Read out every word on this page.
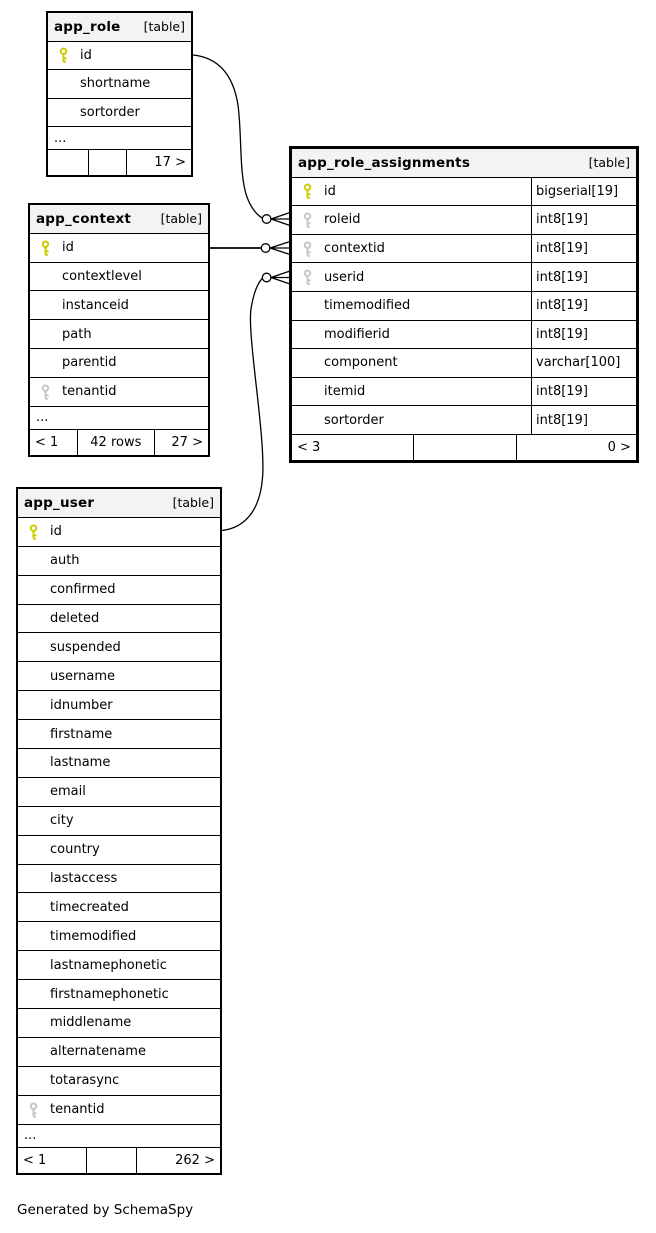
app_role [table]
id
shortname
sortorder
...
17 >
app_context [table]
id
contextlevel
instanceid
path
parentid
tenantid
...
< 1	42 rows	27 >
app_role_assignments	[table]
id	bigserial[19]
roleid	int8[19]
contextid	int8[19]
userid	int8[19]
timemodified	int8[19]
modifierid	int8[19]
component	varchar[100]
itemid	int8[19]
sortorder	int8[19]
< 3	0 >
app_user	[table]
id
auth
confirmed
deleted
suspended
username
idnumber
firstname
lastname
email
city
country
lastaccess
timecreated
timemodified
lastnamephonetic
firstnamephonetic
middlename
alternatename
totarasync
tenantid
...
< 1	262 >
Generated by SchemaSpy
